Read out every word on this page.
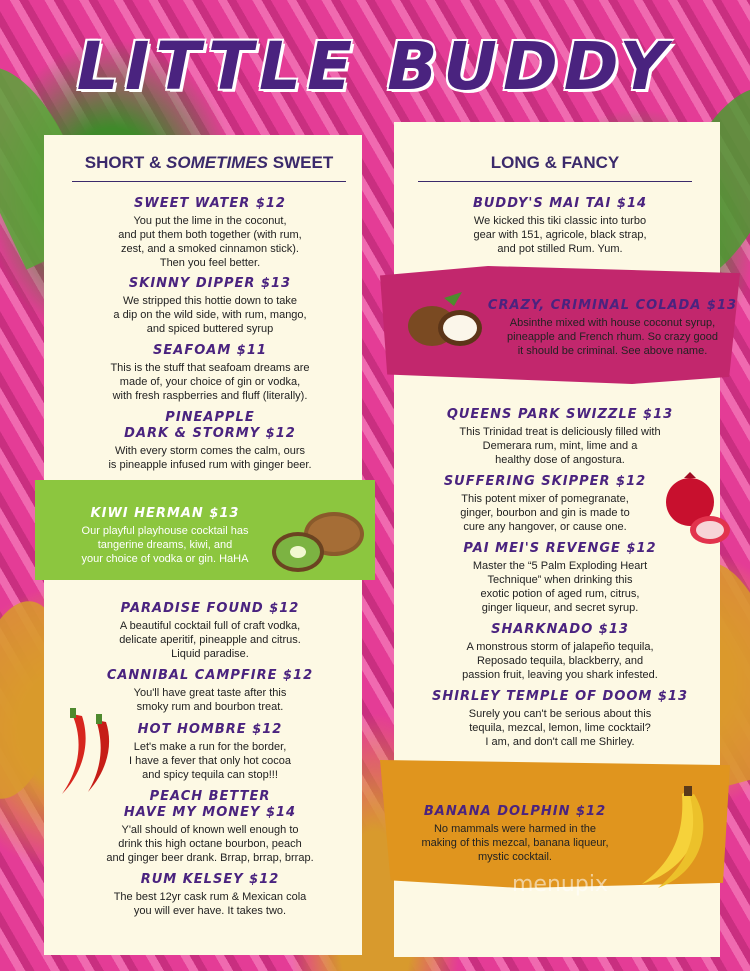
LITTLE BUDDY
SHORT & SOMETIMES SWEET	LONG & FANCY
SWEET WATER $12
You put the lime in the coconut,
and put them both together (with rum,
zest, and a smoked cinnamon stick).
Then you feel better.
SKINNY DIPPER $13
We stripped this hottie down to take
a dip on the wild side, with rum, mango,
and spiced buttered syrup
SEAFOAM $11
This is the stuff that seafoam dreams are
made of, your choice of gin or vodka,
with fresh raspberries and fluff (literally).
PINEAPPLE
DARK & STORMY $12
With every storm comes the calm, ours
is pineapple infused rum with ginger beer.
KIWI HERMAN $13
Our playful playhouse cocktail has
tangerine dreams, kiwi, and
your choice of vodka or gin. HaHA
PARADISE FOUND $12
A beautiful cocktail full of craft vodka,
delicate aperitif, pineapple and citrus.
Liquid paradise.
CANNIBAL CAMPFIRE $12
You'll have great taste after this
smoky rum and bourbon treat.
HOT HOMBRE $12
Let's make a run for the border,
I have a fever that only hot cocoa
and spicy tequila can stop!!!
PEACH BETTER
HAVE MY MONEY $14
Y'all should of known well enough to
drink this high octane bourbon, peach
and ginger beer drank. Brrap, brrap, brrap.
RUM KELSEY $12
The best 12yr cask rum & Mexican cola
you will ever have. It takes two.
BUDDY'S MAI TAI $14
We kicked this tiki classic into turbo
gear with 151, agricole, black strap,
and pot stilled Rum. Yum.
CRAZY, CRIMINAL COLADA $13
Absinthe mixed with house coconut syrup,
pineapple and French rhum. So crazy good
it should be criminal. See above name.
QUEENS PARK SWIZZLE $13
This Trinidad treat is deliciously filled with
Demerara rum, mint, lime and a
healthy dose of angostura.
SUFFERING SKIPPER $12
This potent mixer of pomegranate,
ginger, bourbon and gin is made to
cure any hangover, or cause one.
PAI MEI'S REVENGE $12
Master the “5 Palm Exploding Heart
Technique” when drinking this
exotic potion of aged rum, citrus,
ginger liqueur, and secret syrup.
SHARKNADO $13
A monstrous storm of jalapeño tequila,
Reposado tequila, blackberry, and
passion fruit, leaving you shark infested.
SHIRLEY TEMPLE OF DOOM $13
Surely you can't be serious about this
tequila, mezcal, lemon, lime cocktail?
I am, and don't call me Shirley.
BANANA DOLPHIN $12
No mammals were harmed in the
making of this mezcal, banana liqueur,
mystic cocktail.
menupix
